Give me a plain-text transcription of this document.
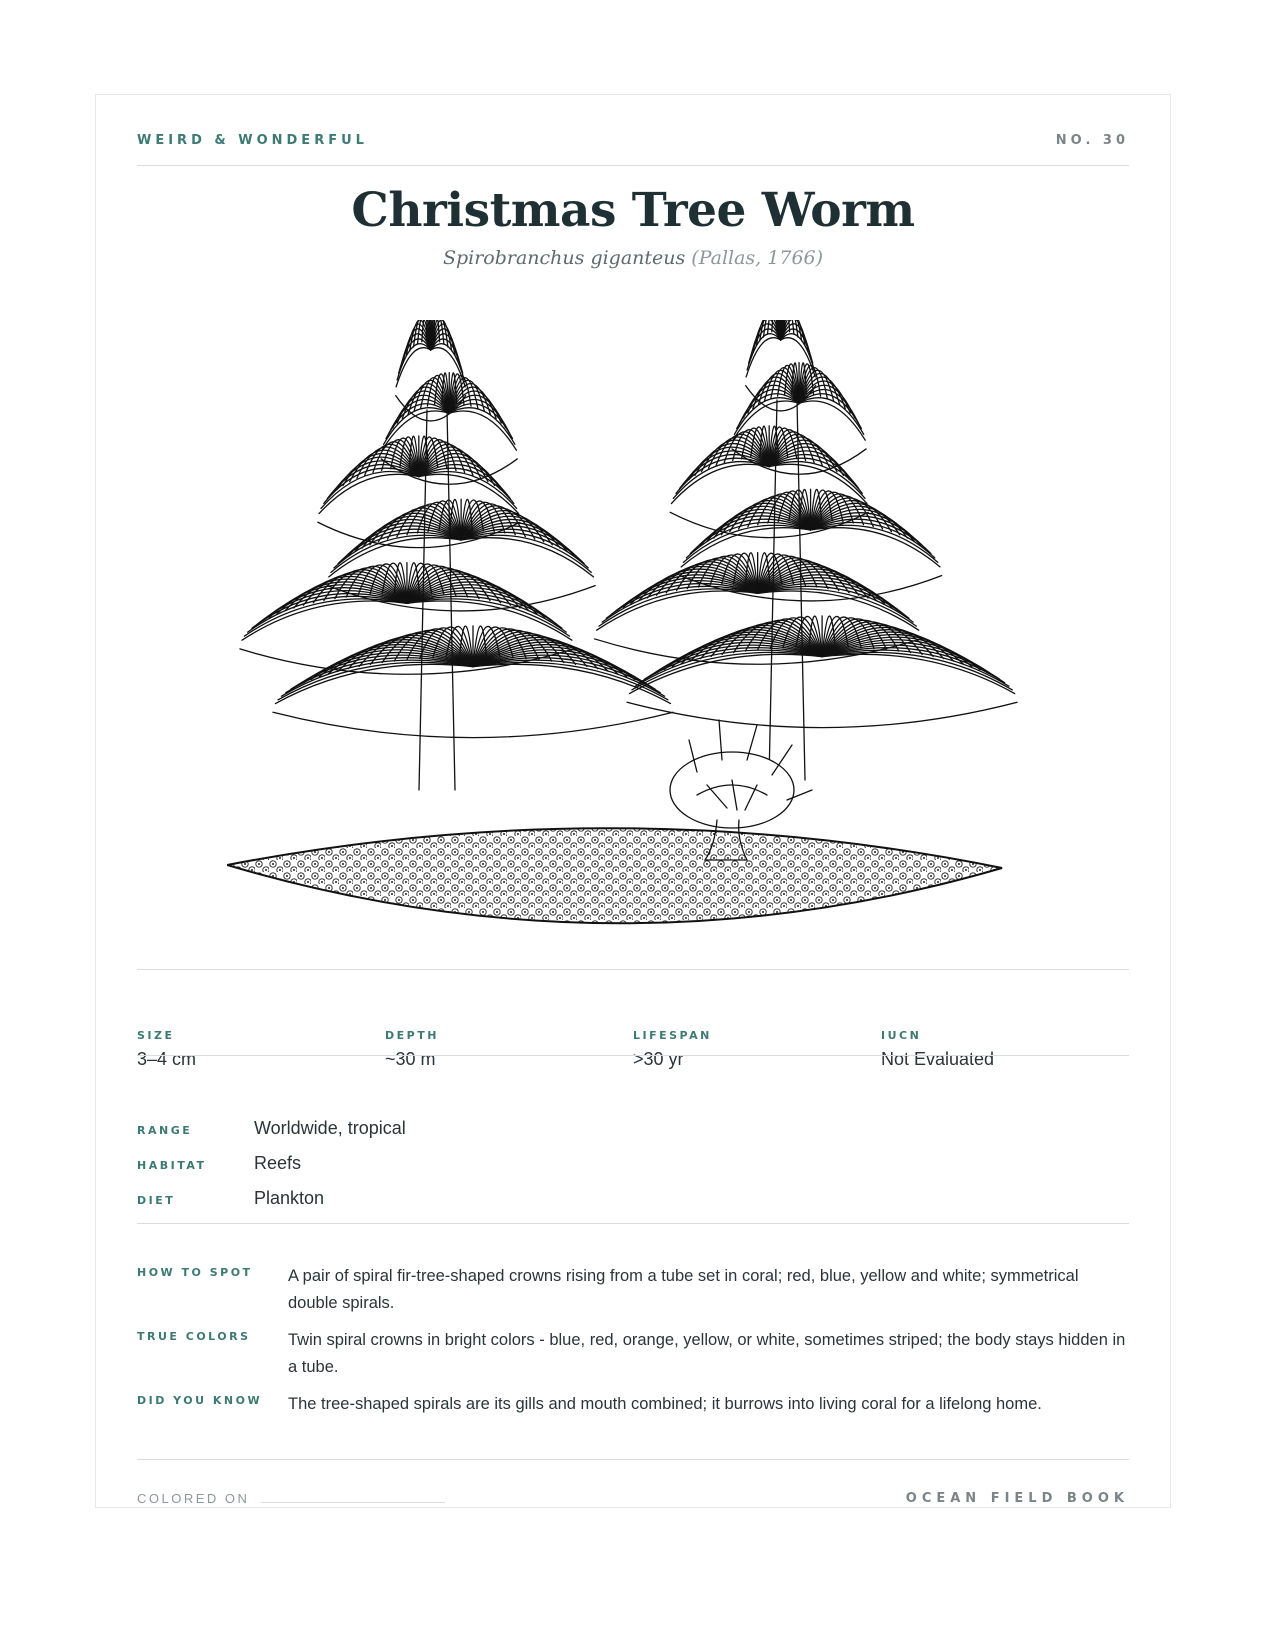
WEIRD & WONDERFUL	NO. 30
Christmas Tree Worm
Spirobranchus giganteus (Pallas, 1766)
SIZE
3–4 cm
DEPTH
~30 m
LIFESPAN
>30 yr
IUCN
Not Evaluated
RANGE	Worldwide, tropical
HABITAT	Reefs
DIET	Plankton
HOW TO SPOT	A pair of spiral fir-tree-shaped crowns rising from a tube set in coral; red, blue, yellow and white; symmetrical double spirals.
TRUE COLORS	Twin spiral crowns in bright colors - blue, red, orange, yellow, or white, sometimes striped; the body stays hidden in a tube.
DID YOU KNOW	The tree-shaped spirals are its gills and mouth combined; it burrows into living coral for a lifelong home.
COLORED ON	OCEAN FIELD BOOK
